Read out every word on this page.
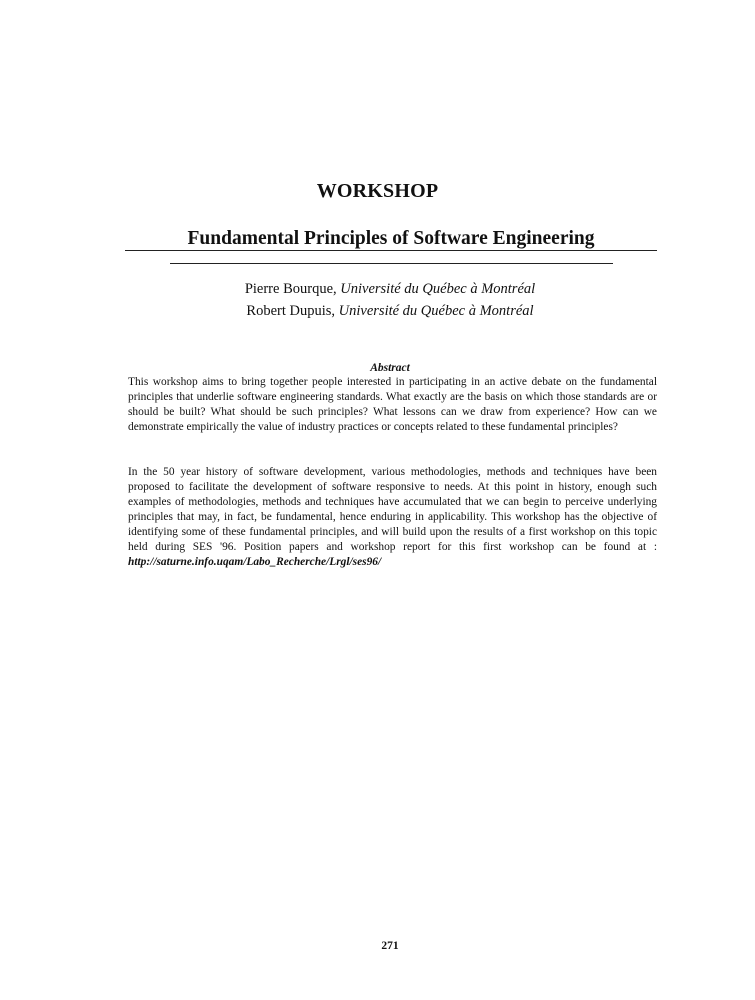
WORKSHOP
Fundamental Principles of Software Engineering
Pierre Bourque, Université du Québec à Montréal
Robert Dupuis, Université du Québec à Montréal
Abstract

This workshop aims to bring together people interested in participating in an active debate on the fundamental principles that underlie software engineering standards. What exactly are the basis on which those standards are or should be built? What should be such principles? What lessons can we draw from experience? How can we demonstrate empirically the value of industry practices or concepts related to these fundamental principles?

In the 50 year history of software development, various methodologies, methods and techniques have been proposed to facilitate the development of software responsive to needs. At this point in history, enough such examples of methodologies, methods and techniques have accumulated that we can begin to perceive underlying principles that may, in fact, be fundamental, hence enduring in applicability. This workshop has the objective of identifying some of these fundamental principles, and will build upon the results of a first workshop on this topic held during SES '96. Position papers and workshop report for this first workshop can be found at : http://saturne.info.uqam/Labo_Recherche/Lrgl/ses96/

271
